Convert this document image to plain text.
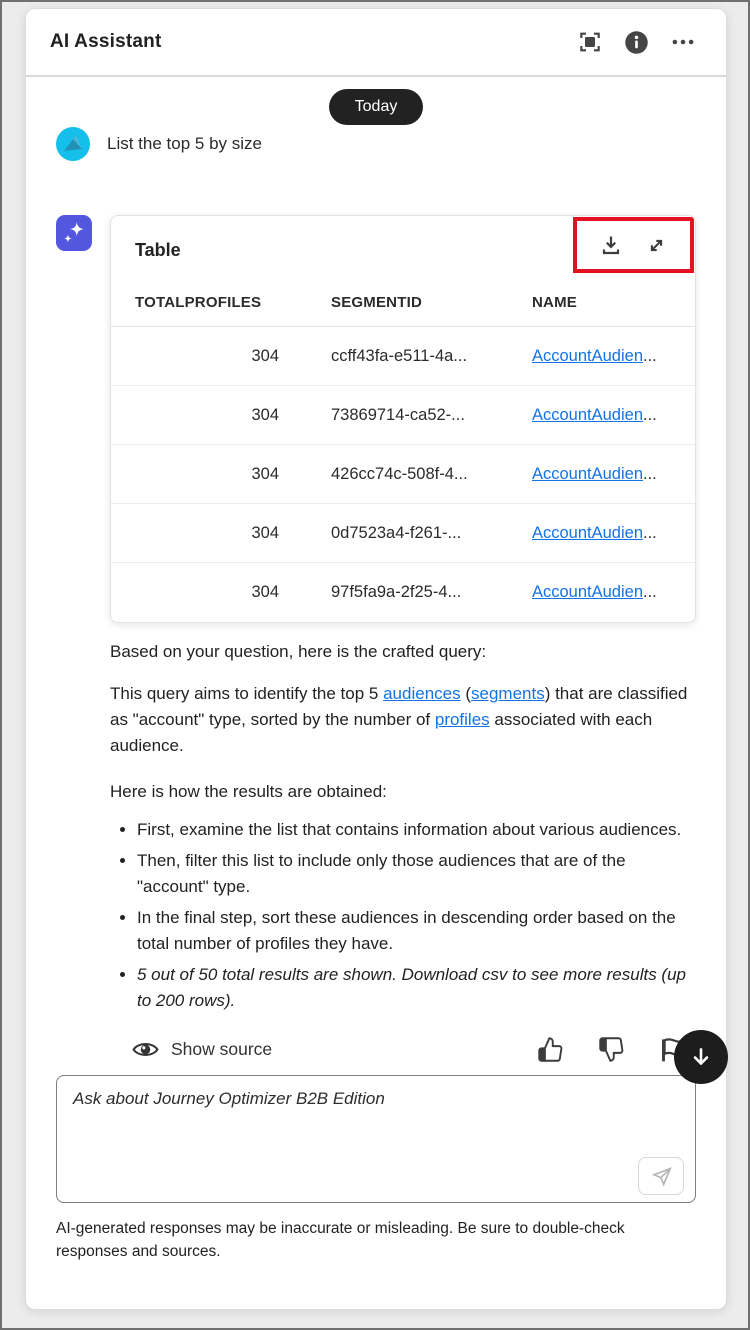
AI Assistant
Today
List the top 5 by size
Table
TOTALPROFILES	SEGMENTID	NAME
304	ccff43fa-e511-4a...	AccountAudien...
304	73869714-ca52-...	AccountAudien...
304	426cc74c-508f-4...	AccountAudien...
304	0d7523a4-f261-...	AccountAudien...
304	97f5fa9a-2f25-4...	AccountAudien...

Based on your question, here is the crafted query:

This query aims to identify the top 5 audiences (segments) that are classified as "account" type, sorted by the number of profiles associated with each audience.

Here is how the results are obtained:

• First, examine the list that contains information about various audiences.
• Then, filter this list to include only those audiences that are of the "account" type.
• In the final step, sort these audiences in descending order based on the total number of profiles they have.
• 5 out of 50 total results are shown. Download csv to see more results (up to 200 rows).
Show source
Ask about Journey Optimizer B2B Edition
AI-generated responses may be inaccurate or misleading. Be sure to double-check responses and sources.
